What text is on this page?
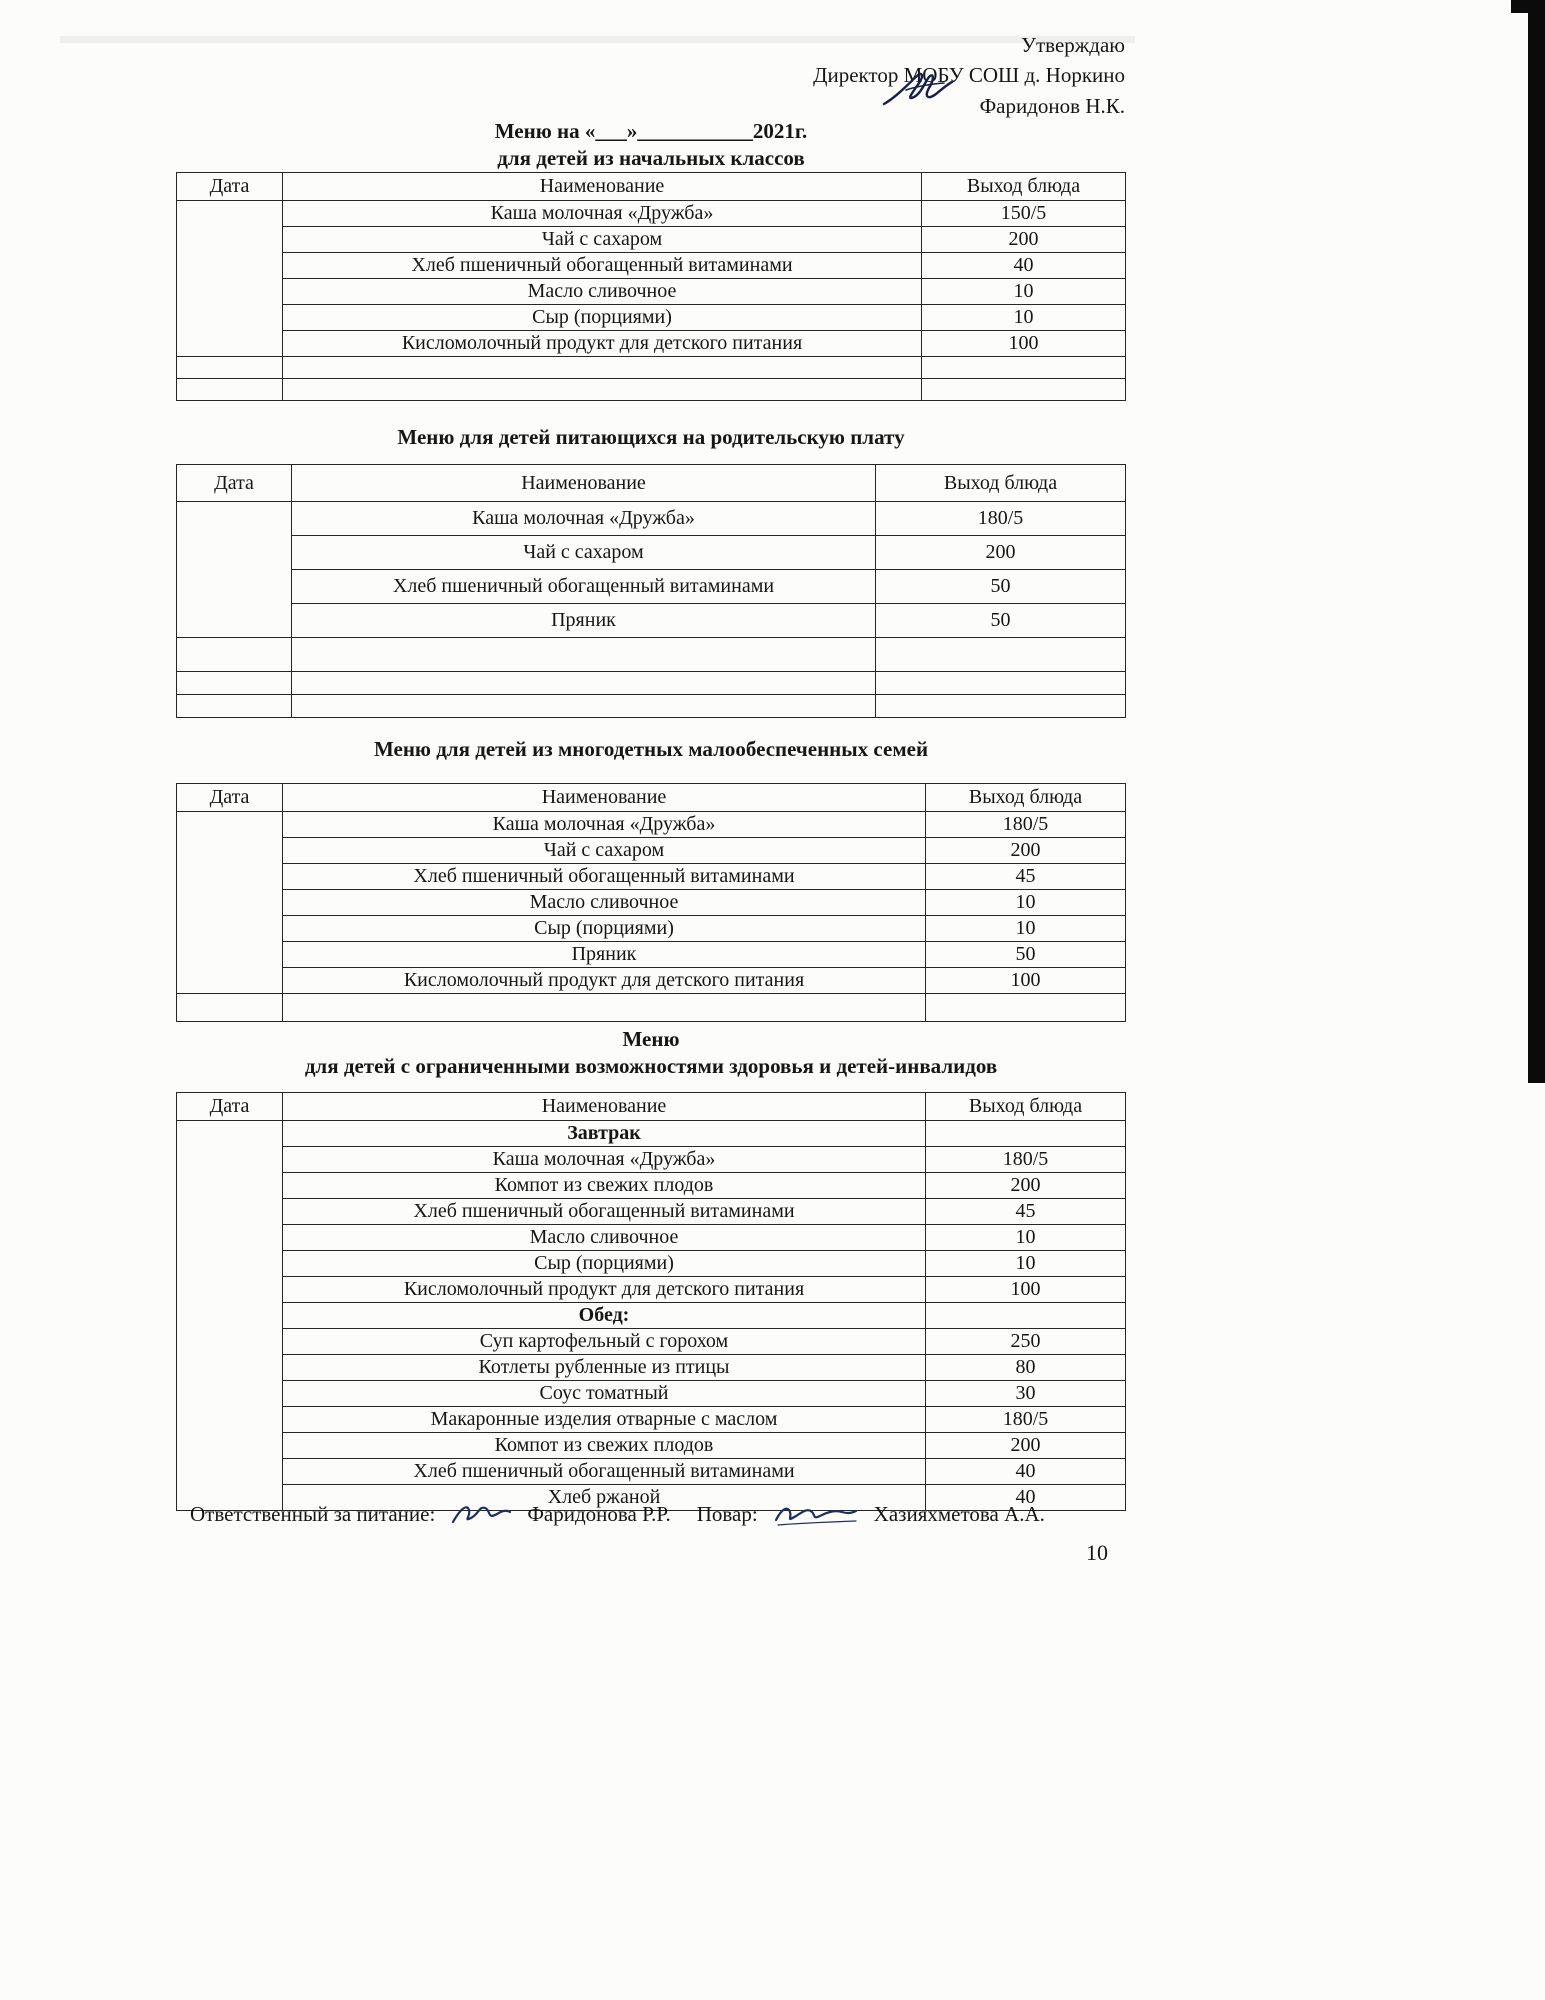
Утверждаю
Директор МОБУ СОШ д. Норкино
Фаридонов Н.К.
Меню на «___»___________2021г.
для детей из начальных классов
Дата	Наименование	Выход блюда
	Каша молочная «Дружба»	150/5
	Чай с сахаром	200
	Хлеб пшеничный обогащенный витаминами	40
	Масло сливочное	10
	Сыр (порциями)	10
	Кисломолочный продукт для детского питания	100

Меню для детей питающихся на родительскую плату
Дата	Наименование	Выход блюда
	Каша молочная «Дружба»	180/5
	Чай с сахаром	200
	Хлеб пшеничный обогащенный витаминами	50
	Пряник	50

Меню для детей из многодетных малообеспеченных семей
Дата	Наименование	Выход блюда
	Каша молочная «Дружба»	180/5
	Чай с сахаром	200
	Хлеб пшеничный обогащенный витаминами	45
	Масло сливочное	10
	Сыр (порциями)	10
	Пряник	50
	Кисломолочный продукт для детского питания	100

Меню
для детей с ограниченными возможностями здоровья и детей-инвалидов
Дата	Наименование	Выход блюда
	Завтрак	
	Каша молочная «Дружба»	180/5
	Компот из свежих плодов	200
	Хлеб пшеничный обогащенный витаминами	45
	Масло сливочное	10
	Сыр (порциями)	10
	Кисломолочный продукт для детского питания	100
	Обед:	
	Суп картофельный с горохом	250
	Котлеты рубленные из птицы	80
	Соус томатный	30
	Макаронные изделия отварные с маслом	180/5
	Компот из свежих плодов	200
	Хлеб пшеничный обогащенный витаминами	40
	Хлеб ржаной	40
Ответственный за питание:	Фаридонова Р.Р. Повар:	Хазияхметова А.А.
10
